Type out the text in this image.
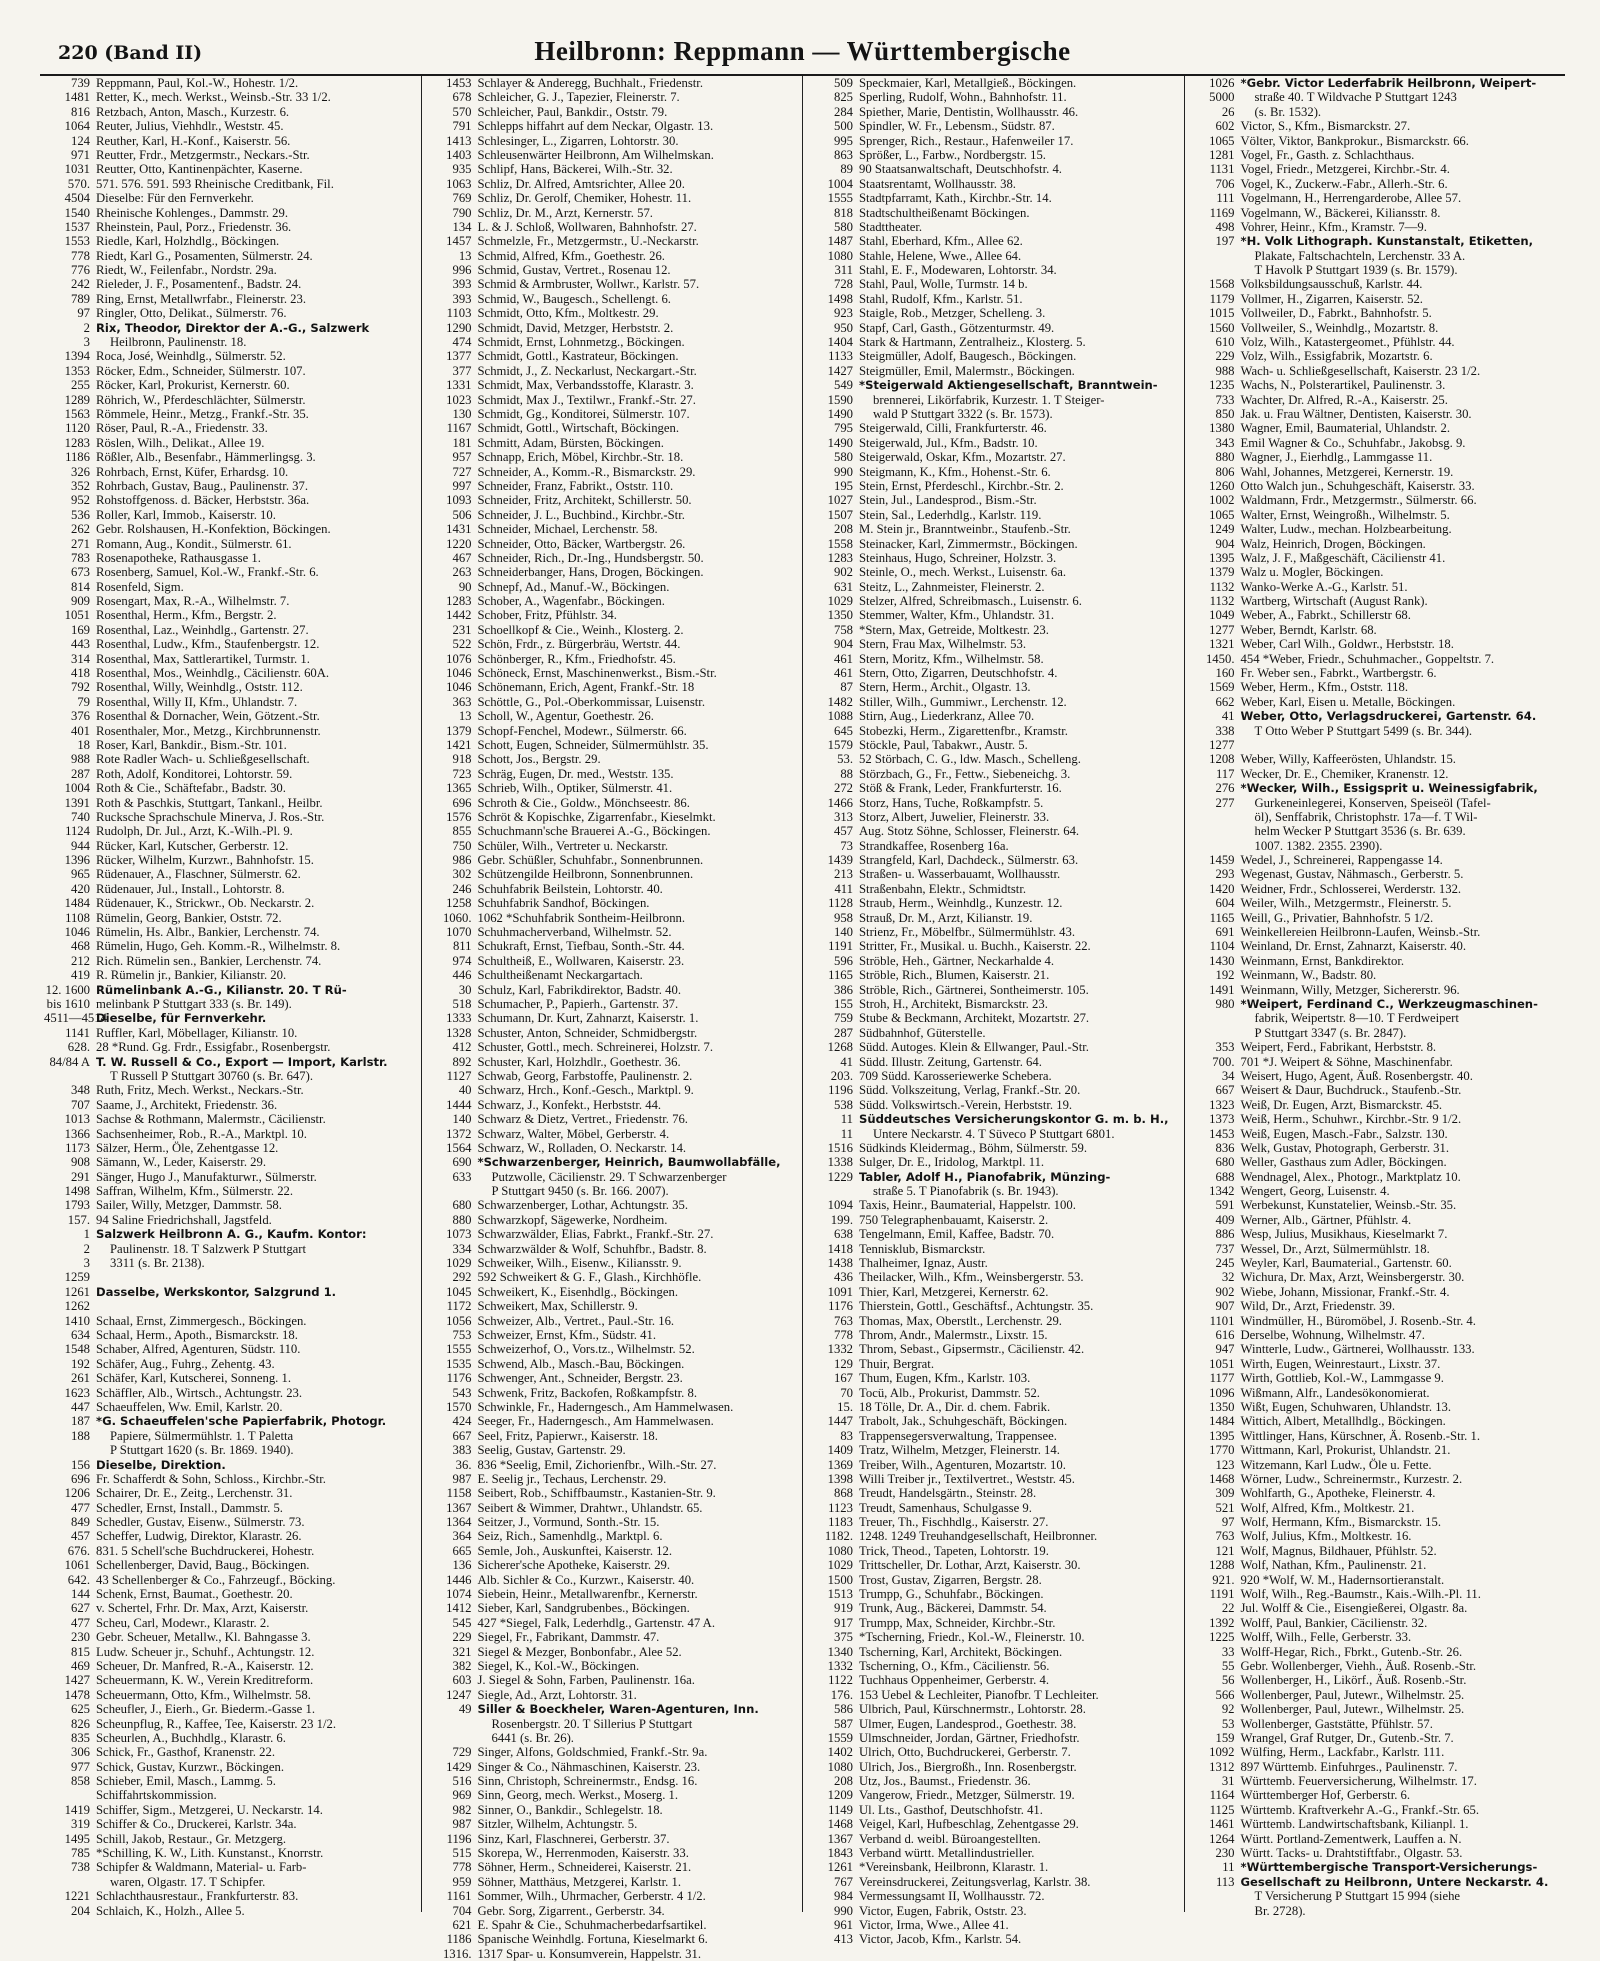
220 (Band II)	Heilbronn: Reppmann — Württembergische
739 Reppmann, Paul, Kol.-W., Hohestr. 1/2.
1481 Retter, K., mech. Werkst., Weinsb.-Str. 33 1/2.
816 Retzbach, Anton, Masch., Kurzestr. 6.
1064 Reuter, Julius, Viehhdlr., Weststr. 45.
124 Reuther, Karl, H.-Konf., Kaiserstr. 56.
971 Reutter, Frdr., Metzgermstr., Neckars.-Str.
1031 Reutter, Otto, Kantinenpächter, Kaserne.
570. 571. 576. 591. 593 Rheinische Creditbank, Fil.
4504 Dieselbe: Für den Fernverkehr.
1540 Rheinische Kohlenges., Dammstr. 29.
1537 Rheinstein, Paul, Porz., Friedenstr. 36.
1553 Riedle, Karl, Holzhdlg., Böckingen.
778 Riedt, Karl G., Posamenten, Sülmerstr. 24.
776 Riedt, W., Feilenfabr., Nordstr. 29a.
242 Rieleder, J. F., Posamentenf., Badstr. 24.
789 Ring, Ernst, Metallwrfabr., Fleinerstr. 23.
97 Ringler, Otto, Delikat., Sülmerstr. 76.
2 Rix, Theodor, Direktor der A.-G., Salzwerk
3	Heilbronn, Paulinenstr. 18.
1394 Roca, José, Weinhdlg., Sülmerstr. 52.
1353 Röcker, Edm., Schneider, Sülmerstr. 107.
255 Röcker, Karl, Prokurist, Kernerstr. 60.
1289 Röhrich, W., Pferdeschlächter, Sülmerstr.
1563 Römmele, Heinr., Metzg., Frankf.-Str. 35.
1120 Röser, Paul, R.-A., Friedenstr. 33.
1283 Röslen, Wilh., Delikat., Allee 19.
1186 Rößler, Alb., Besenfabr., Hämmerlingsg. 3.
326 Rohrbach, Ernst, Küfer, Erhardsg. 10.
352 Rohrbach, Gustav, Baug., Paulinenstr. 37.
952 Rohstoffgenoss. d. Bäcker, Herbststr. 36a.
536 Roller, Karl, Immob., Kaiserstr. 10.
262 Gebr. Rolshausen, H.-Konfektion, Böckingen.
271 Romann, Aug., Kondit., Sülmerstr. 61.
783 Rosenapotheke, Rathausgasse 1.
673 Rosenberg, Samuel, Kol.-W., Frankf.-Str. 6.
814 Rosenfeld, Sigm.
909 Rosengart, Max, R.-A., Wilhelmstr. 7.
1051 Rosenthal, Herm., Kfm., Bergstr. 2.
169 Rosenthal, Laz., Weinhdlg., Gartenstr. 27.
443 Rosenthal, Ludw., Kfm., Staufenbergstr. 12.
314 Rosenthal, Max, Sattlerartikel, Turmstr. 1.
418 Rosenthal, Mos., Weinhdlg., Cäcilienstr. 60A.
792 Rosenthal, Willy, Weinhdlg., Oststr. 112.
79 Rosenthal, Willy II, Kfm., Uhlandstr. 7.
376 Rosenthal & Dornacher, Wein, Götzent.-Str.
401 Rosenthaler, Mor., Metzg., Kirchbrunnenstr.
18 Roser, Karl, Bankdir., Bism.-Str. 101.
988 Rote Radler Wach- u. Schließgesellschaft.
287 Roth, Adolf, Konditorei, Lohtorstr. 59.
1004 Roth & Cie., Schäftefabr., Badstr. 30.
1391 Roth & Paschkis, Stuttgart, Tankanl., Heilbr.
740 Rucksche Sprachschule Minerva, J. Ros.-Str.
1124 Rudolph, Dr. Jul., Arzt, K.-Wilh.-Pl. 9.
944 Rücker, Karl, Kutscher, Gerberstr. 12.
1396 Rücker, Wilhelm, Kurzwr., Bahnhofstr. 15.
965 Rüdenauer, A., Flaschner, Sülmerstr. 62.
420 Rüdenauer, Jul., Install., Lohtorstr. 8.
1484 Rüdenauer, K., Strickwr., Ob. Neckarstr. 2.
1108 Rümelin, Georg, Bankier, Oststr. 72.
1046 Rümelin, Hs. Albr., Bankier, Lerchenstr. 74.
468 Rümelin, Hugo, Geh. Komm.-R., Wilhelmstr. 8.
212 Rich. Rümelin sen., Bankier, Lerchenstr. 74.
419 R. Rümelin jr., Bankier, Kilianstr. 20.
12. 1600 Rümelinbank A.-G., Kilianstr. 20. T Rü-
bis 1610 melinbank P Stuttgart 333 (s. Br. 149).
4511—4514
Dieselbe, für Fernverkehr.
1141 Ruffler, Karl, Möbellager, Kilianstr. 10.
628. 28 *Rund. Gg. Frdr., Essigfabr., Rosenbergstr.
84/84 A T. W. Russell & Co., Export — Import, Karlstr.
T Russell P Stuttgart 30760 (s. Br. 647).
348 Ruth, Fritz, Mech. Werkst., Neckars.-Str.
707 Saame, J., Architekt, Friedenstr. 36.
1013 Sachse & Rothmann, Malermstr., Cäcilienstr.
1366 Sachsenheimer, Rob., R.-A., Marktpl. 10.
1173 Sälzer, Herm., Öle, Zehentgasse 12.
908 Sämann, W., Leder, Kaiserstr. 29.
291 Sänger, Hugo J., Manufakturwr., Sülmerstr.
1498 Saffran, Wilhelm, Kfm., Sülmerstr. 22.
1793 Sailer, Willy, Metzger, Dammstr. 58.
157. 94 Saline Friedrichshall, Jagstfeld.
1 Salzwerk Heilbronn A. G., Kaufm. Kontor:
2	Paulinenstr. 18. T Salzwerk P Stuttgart
3	3311 (s. Br. 2138).
1259
1261 Dasselbe, Werkskontor, Salzgrund 1.
1262
1410 Schaal, Ernst, Zimmergesch., Böckingen.
634 Schaal, Herm., Apoth., Bismarckstr. 18.
1548 Schaber, Alfred, Agenturen, Südstr. 110.
192 Schäfer, Aug., Fuhrg., Zehentg. 43.
261 Schäfer, Karl, Kutscherei, Sonneng. 1.
1623 Schäffler, Alb., Wirtsch., Achtungstr. 23.
447 Schaeuffelen, Ww. Emil, Karlstr. 20.
187 *G. Schaeuffelen'sche Papierfabrik, Photogr.
188	Papiere, Sülmermühlstr. 1. T Paletta
P Stuttgart 1620 (s. Br. 1869. 1940).
156 Dieselbe, Direktion.
696 Fr. Schafferdt & Sohn, Schloss., Kirchbr.-Str.
1206 Schairer, Dr. E., Zeitg., Lerchenstr. 31.
477 Schedler, Ernst, Install., Dammstr. 5.
849 Schedler, Gustav, Eisenw., Sülmerstr. 73.
457 Scheffer, Ludwig, Direktor, Klarastr. 26.
676. 831. 5 Schell'sche Buchdruckerei, Hohestr.
1061 Schellenberger, David, Baug., Böckingen.
642. 43 Schellenberger & Co., Fahrzeugf., Böcking.
144 Schenk, Ernst, Baumat., Goethestr. 20.
627 v. Schertel, Frhr. Dr. Max, Arzt, Kaiserstr.
477 Scheu, Carl, Modewr., Klarastr. 2.
230 Gebr. Scheuer, Metallw., Kl. Bahngasse 3.
815 Ludw. Scheuer jr., Schuhf., Achtungstr. 12.
469 Scheuer, Dr. Manfred, R.-A., Kaiserstr. 12.
1427 Scheuermann, K. W., Verein Kreditreform.
1478 Scheuermann, Otto, Kfm., Wilhelmstr. 58.
625 Scheufler, J., Eierh., Gr. Biederm.-Gasse 1.
826 Scheunpflug, R., Kaffee, Tee, Kaiserstr. 23 1/2.
835 Scheurlen, A., Buchhdlg., Klarastr. 6.
306 Schick, Fr., Gasthof, Kranenstr. 22.
977 Schick, Gustav, Kurzwr., Böckingen.
858 Schieber, Emil, Masch., Lammg. 5.
Schiffahrtskommission.
1419 Schiffer, Sigm., Metzgerei, U. Neckarstr. 14.
319 Schiffer & Co., Druckerei, Karlstr. 34a.
1495 Schill, Jakob, Restaur., Gr. Metzgerg.
785 *Schilling, K. W., Lith. Kunstanst., Knorrstr.
738 Schipfer & Waldmann, Material- u. Farb-
waren, Olgastr. 17. T Schipfer.
1221 Schlachthausrestaur., Frankfurterstr. 83.
204 Schlaich, K., Holzh., Allee 5.
1453 Schlayer & Anderegg, Buchhalt., Friedenstr.
678 Schleicher, G. J., Tapezier, Fleinerstr. 7.
570 Schleicher, Paul, Bankdir., Oststr. 79.
791 Schlepps hiffahrt auf dem Neckar, Olgastr. 13.
1413 Schlesinger, L., Zigarren, Lohtorstr. 30.
1403 Schleusenwärter Heilbronn, Am Wilhelmskan.
935 Schlipf, Hans, Bäckerei, Wilh.-Str. 32.
1063 Schliz, Dr. Alfred, Amtsrichter, Allee 20.
769 Schliz, Dr. Gerolf, Chemiker, Hohestr. 11.
790 Schliz, Dr. M., Arzt, Kernerstr. 57.
134 L. & J. Schloß, Wollwaren, Bahnhofstr. 27.
1457 Schmelzle, Fr., Metzgermstr., U.-Neckarstr.
13 Schmid, Alfred, Kfm., Goethestr. 26.
996 Schmid, Gustav, Vertret., Rosenau 12.
393 Schmid & Armbruster, Wollwr., Karlstr. 57.
393 Schmid, W., Baugesch., Schellengt. 6.
1103 Schmidt, Otto, Kfm., Moltkestr. 29.
1290 Schmidt, David, Metzger, Herbststr. 2.
474 Schmidt, Ernst, Lohnmetzg., Böckingen.
1377 Schmidt, Gottl., Kastrateur, Böckingen.
377 Schmidt, J., Z. Neckarlust, Neckargart.-Str.
1331 Schmidt, Max, Verbandsstoffe, Klarastr. 3.
1023 Schmidt, Max J., Textilwr., Frankf.-Str. 27.
130 Schmidt, Gg., Konditorei, Sülmerstr. 107.
1167 Schmidt, Gottl., Wirtschaft, Böckingen.
181 Schmitt, Adam, Bürsten, Böckingen.
957 Schnapp, Erich, Möbel, Kirchbr.-Str. 18.
727 Schneider, A., Komm.-R., Bismarckstr. 29.
997 Schneider, Franz, Fabrikt., Oststr. 110.
1093 Schneider, Fritz, Architekt, Schillerstr. 50.
506 Schneider, J. L., Buchbind., Kirchbr.-Str.
1431 Schneider, Michael, Lerchenstr. 58.
1220 Schneider, Otto, Bäcker, Wartbergstr. 26.
467 Schneider, Rich., Dr.-Ing., Hundsbergstr. 50.
263 Schneiderbanger, Hans, Drogen, Böckingen.
90 Schnepf, Ad., Manuf.-W., Böckingen.
1283 Schober, A., Wagenfabr., Böckingen.
1442 Schober, Fritz, Pfühlstr. 34.
231 Schoellkopf & Cie., Weinh., Klosterg. 2.
522 Schön, Frdr., z. Bürgerbräu, Wertstr. 44.
1076 Schönberger, R., Kfm., Friedhofstr. 45.
1046 Schöneck, Ernst, Maschinenwerkst., Bism.-Str.
1046 Schönemann, Erich, Agent, Frankf.-Str. 18
363 Schöttle, G., Pol.-Oberkommissar, Luisenstr.
13 Scholl, W., Agentur, Goethestr. 26.
1379 Schopf-Fenchel, Modewr., Sülmerstr. 66.
1421 Schott, Eugen, Schneider, Sülmermühlstr. 35.
918 Schott, Jos., Bergstr. 29.
723 Schräg, Eugen, Dr. med., Weststr. 135.
1365 Schrieb, Wilh., Optiker, Sülmerstr. 41.
696 Schroth & Cie., Goldw., Mönchseestr. 86.
1576 Schröt & Kopischke, Zigarrenfabr., Kieselmkt.
855 Schuchmann'sche Brauerei A.-G., Böckingen.
750 Schüler, Wilh., Vertreter u. Neckarstr.
986 Gebr. Schüßler, Schuhfabr., Sonnenbrunnen.
302 Schützengilde Heilbronn, Sonnenbrunnen.
246 Schuhfabrik Beilstein, Lohtorstr. 40.
1258 Schuhfabrik Sandhof, Böckingen.
1060. 1062 *Schuhfabrik Sontheim-Heilbronn.
1070 Schuhmacherverband, Wilhelmstr. 52.
811 Schukraft, Ernst, Tiefbau, Sonth.-Str. 44.
974 Schultheiß, E., Wollwaren, Kaiserstr. 23.
446 Schultheißenamt Neckargartach.
30 Schulz, Karl, Fabrikdirektor, Badstr. 40.
518 Schumacher, P., Papierh., Gartenstr. 37.
1333 Schumann, Dr. Kurt, Zahnarzt, Kaiserstr. 1.
1328 Schuster, Anton, Schneider, Schmidbergstr.
412 Schuster, Gottl., mech. Schreinerei, Holzstr. 7.
892 Schuster, Karl, Holzhdlr., Goethestr. 36.
1127 Schwab, Georg, Farbstoffe, Paulinenstr. 2.
40 Schwarz, Hrch., Konf.-Gesch., Marktpl. 9.
1444 Schwarz, J., Konfekt., Herbststr. 44.
140 Schwarz & Dietz, Vertret., Friedenstr. 76.
1372 Schwarz, Walter, Möbel, Gerberstr. 4.
1564 Schwarz, W., Rolladen, O. Neckarstr. 14.
690 *Schwarzenberger, Heinrich, Baumwollabfälle,
633	Putzwolle, Cäcilienstr. 29. T Schwarzenberger
P Stuttgart 9450 (s. Br. 166. 2007).
680 Schwarzenberger, Lothar, Achtungstr. 35.
880 Schwarzkopf, Sägewerke, Nordheim.
1073 Schwarzwälder, Elias, Fabrkt., Frankf.-Str. 27.
334 Schwarzwälder & Wolf, Schuhfbr., Badstr. 8.
1029 Schweiker, Wilh., Eisenw., Kiliansstr. 9.
292 592 Schweikert & G. F., Glash., Kirchhöfle.
1045 Schweikert, K., Eisenhdlg., Böckingen.
1172 Schweikert, Max, Schillerstr. 9.
1056 Schweizer, Alb., Vertret., Paul.-Str. 16.
753 Schweizer, Ernst, Kfm., Südstr. 41.
1555 Schweizerhof, O., Vors.tz., Wilhelmstr. 52.
1535 Schwend, Alb., Masch.-Bau, Böckingen.
1176 Schwenger, Ant., Schneider, Bergstr. 23.
543 Schwenk, Fritz, Backofen, Roßkampfstr. 8.
1570 Schwinkle, Fr., Haderngesch., Am Hammelwasen.
424 Seeger, Fr., Haderngesch., Am Hammelwasen.
667 Seel, Fritz, Papierwr., Kaiserstr. 18.
383 Seelig, Gustav, Gartenstr. 29.
36. 836 *Seelig, Emil, Zichorienfbr., Wilh.-Str. 27.
987 E. Seelig jr., Techaus, Lerchenstr. 29.
1158 Seibert, Rob., Schiffbaumstr., Kastanien-Str. 9.
1367 Seibert & Wimmer, Drahtwr., Uhlandstr. 65.
1364 Seitzer, J., Vormund, Sonth.-Str. 15.
364 Seiz, Rich., Samenhdlg., Marktpl. 6.
665 Semle, Joh., Auskunftei, Kaiserstr. 12.
136 Sicherer'sche Apotheke, Kaiserstr. 29.
1446 Alb. Sichler & Co., Kurzwr., Kaiserstr. 40.
1074 Siebein, Heinr., Metallwarenfbr., Kernerstr.
1412 Sieber, Karl, Sandgrubenbes., Böckingen.
545 427 *Siegel, Falk, Lederhdlg., Gartenstr. 47 A.
229 Siegel, Fr., Fabrikant, Dammstr. 47.
321 Siegel & Mezger, Bonbonfabr., Alee 52.
382 Siegel, K., Kol.-W., Böckingen.
603 J. Siegel & Sohn, Farben, Paulinenstr. 16a.
1247 Siegle, Ad., Arzt, Lohtorstr. 31.
49 Siller & Boeckheler, Waren-Agenturen, Inn.
Rosenbergstr. 20. T Sillerius P Stuttgart
6441 (s. Br. 26).
729 Singer, Alfons, Goldschmied, Frankf.-Str. 9a.
1429 Singer & Co., Nähmaschinen, Kaiserstr. 23.
516 Sinn, Christoph, Schreinermstr., Endsg. 16.
969 Sinn, Georg, mech. Werkst., Moserg. 1.
982 Sinner, O., Bankdir., Schlegelstr. 18.
987 Sitzler, Wilhelm, Achtungstr. 5.
1196 Sinz, Karl, Flaschnerei, Gerberstr. 37.
515 Skorepa, W., Herrenmoden, Kaiserstr. 33.
778 Söhner, Herm., Schneiderei, Kaiserstr. 21.
959 Söhner, Matthäus, Metzgerei, Karlstr. 1.
1161 Sommer, Wilh., Uhrmacher, Gerberstr. 4 1/2.
704 Gebr. Sorg, Zigarrent., Gerberstr. 34.
621 E. Spahr & Cie., Schuhmacherbedarfsartikel.
1186 Spanische Weinhdlg. Fortuna, Kieselmarkt 6.
1316. 1317 Spar- u. Konsumverein, Happelstr. 31.
509 Speckmaier, Karl, Metallgieß., Böckingen.
825 Sperling, Rudolf, Wohn., Bahnhofstr. 11.
284 Spiether, Marie, Dentistin, Wollhausstr. 46.
500 Spindler, W. Fr., Lebensm., Südstr. 87.
995 Sprenger, Rich., Restaur., Hafenweiler 17.
863 Sprößer, L., Farbw., Nordbergstr. 15.
89 90 Staatsanwaltschaft, Deutschhofstr. 4.
1004 Staatsrentamt, Wollhausstr. 38.
1555 Stadtpfarramt, Kath., Kirchbr.-Str. 14.
818 Stadtschultheißenamt Böckingen.
580 Stadttheater.
1487 Stahl, Eberhard, Kfm., Allee 62.
1080 Stahle, Helene, Wwe., Allee 64.
311 Stahl, E. F., Modewaren, Lohtorstr. 34.
728 Stahl, Paul, Wolle, Turmstr. 14 b.
1498 Stahl, Rudolf, Kfm., Karlstr. 51.
923 Staigle, Rob., Metzger, Schelleng. 3.
950 Stapf, Carl, Gasth., Götzenturmstr. 49.
1404 Stark & Hartmann, Zentralheiz., Klosterg. 5.
1133 Steigmüller, Adolf, Baugesch., Böckingen.
1427 Steigmüller, Emil, Malermstr., Böckingen.
549 *Steigerwald Aktiengesellschaft, Branntwein-
1590	brennerei, Likörfabrik, Kurzestr. 1. T Steiger-
1490	wald P Stuttgart 3322 (s. Br. 1573).
795 Steigerwald, Cilli, Frankfurterstr. 46.
1490 Steigerwald, Jul., Kfm., Badstr. 10.
580 Steigerwald, Oskar, Kfm., Mozartstr. 27.
990 Steigmann, K., Kfm., Hohenst.-Str. 6.
195 Stein, Ernst, Pferdeschl., Kirchbr.-Str. 2.
1027 Stein, Jul., Landesprod., Bism.-Str.
1507 Stein, Sal., Lederhdlg., Karlstr. 119.
208 M. Stein jr., Branntweinbr., Staufenb.-Str.
1558 Steinacker, Karl, Zimmermstr., Böckingen.
1283 Steinhaus, Hugo, Schreiner, Holzstr. 3.
902 Steinle, O., mech. Werkst., Luisenstr. 6a.
631 Steitz, L., Zahnmeister, Fleinerstr. 2.
1029 Stelzer, Alfred, Schreibmasch., Luisenstr. 6.
1350 Stemmer, Walter, Kfm., Uhlandstr. 31.
758 *Stern, Max, Getreide, Moltkestr. 23.
904 Stern, Frau Max, Wilhelmstr. 53.
461 Stern, Moritz, Kfm., Wilhelmstr. 58.
461 Stern, Otto, Zigarren, Deutschhofstr. 4.
87 Stern, Herm., Archit., Olgastr. 13.
1482 Stiller, Wilh., Gummiwr., Lerchenstr. 12.
1088 Stirn, Aug., Liederkranz, Allee 70.
645 Stobezki, Herm., Zigarettenfbr., Kramstr.
1579 Stöckle, Paul, Tabakwr., Austr. 5.
53. 52 Störbach, C. G., ldw. Masch., Schelleng.
88 Störzbach, G., Fr., Fettw., Siebeneichg. 3.
272 Stöß & Frank, Leder, Frankfurterstr. 16.
1466 Storz, Hans, Tuche, Roßkampfstr. 5.
313 Storz, Albert, Juwelier, Fleinerstr. 33.
457 Aug. Stotz Söhne, Schlosser, Fleinerstr. 64.
73 Strandkaffee, Rosenberg 16a.
1439 Strangfeld, Karl, Dachdeck., Sülmerstr. 63.
213 Straßen- u. Wasserbauamt, Wollhausstr.
411 Straßenbahn, Elektr., Schmidtstr.
1128 Straub, Herm., Weinhdlg., Kunzestr. 12.
958 Strauß, Dr. M., Arzt, Kilianstr. 19.
140 Strienz, Fr., Möbelfbr., Sülmermühlstr. 43.
1191 Stritter, Fr., Musikal. u. Buchh., Kaiserstr. 22.
596 Ströble, Heh., Gärtner, Neckarhalde 4.
1165 Ströble, Rich., Blumen, Kaiserstr. 21.
386 Ströble, Rich., Gärtnerei, Sontheimerstr. 105.
155 Stroh, H., Architekt, Bismarckstr. 23.
759 Stube & Beckmann, Architekt, Mozartstr. 27.
287 Südbahnhof, Güterstelle.
1268 Südd. Autoges. Klein & Ellwanger, Paul.-Str.
41 Südd. Illustr. Zeitung, Gartenstr. 64.
203. 709 Südd. Karosseriewerke Schebera.
1196 Südd. Volkszeitung, Verlag, Frankf.-Str. 20.
538 Südd. Volkswirtsch.-Verein, Herbststr. 19.
11 Süddeutsches Versicherungskontor G. m. b. H.,
11	Untere Neckarstr. 4. T Süveco P Stuttgart 6801.
1516 Südkinds Kleidermag., Böhm, Sülmerstr. 59.
1338 Sulger, Dr. E., Iridolog, Marktpl. 11.
1229 Tabler, Adolf H., Pianofabrik, Münzing-
straße 5. T Pianofabrik (s. Br. 1943).
1094 Taxis, Heinr., Baumaterial, Happelstr. 100.
199. 750 Telegraphenbauamt, Kaiserstr. 2.
638 Tengelmann, Emil, Kaffee, Badstr. 70.
1418 Tennisklub, Bismarckstr.
1438 Thalheimer, Ignaz, Austr.
436 Theilacker, Wilh., Kfm., Weinsbergerstr. 53.
1091 Thier, Karl, Metzgerei, Kernerstr. 62.
1176 Thierstein, Gottl., Geschäftsf., Achtungstr. 35.
763 Thomas, Max, Oberstlt., Lerchenstr. 29.
778 Throm, Andr., Malermstr., Lixstr. 15.
1332 Throm, Sebast., Gipsermstr., Cäcilienstr. 42.
129 Thuir, Bergrat.
167 Thum, Eugen, Kfm., Karlstr. 103.
70 Tocü, Alb., Prokurist, Dammstr. 52.
15. 18 Tölle, Dr. A., Dir. d. chem. Fabrik.
1447 Trabolt, Jak., Schuhgeschäft, Böckingen.
83 Trappensegersverwaltung, Trappensee.
1409 Tratz, Wilhelm, Metzger, Fleinerstr. 14.
1369 Treiber, Wilh., Agenturen, Mozartstr. 10.
1398 Willi Treiber jr., Textilvertret., Weststr. 45.
868 Treudt, Handelsgärtn., Steinstr. 28.
1123 Treudt, Samenhaus, Schulgasse 9.
1183 Treuer, Th., Fischhdlg., Kaiserstr. 27.
1182. 1248. 1249 Treuhandgesellschaft, Heilbronner.
1080 Trick, Theod., Tapeten, Lohtorstr. 19.
1029 Trittscheller, Dr. Lothar, Arzt, Kaiserstr. 30.
1500 Trost, Gustav, Zigarren, Bergstr. 28.
1513 Trumpp, G., Schuhfabr., Böckingen.
919 Trunk, Aug., Bäckerei, Dammstr. 54.
917 Trumpp, Max, Schneider, Kirchbr.-Str.
375 *Tscherning, Friedr., Kol.-W., Fleinerstr. 10.
1340 Tscherning, Karl, Architekt, Böckingen.
1332 Tscherning, O., Kfm., Cäcilienstr. 56.
1122 Tuchhaus Oppenheimer, Gerberstr. 4.
176. 153 Uebel & Lechleiter, Pianofbr. T Lechleiter.
586 Ulbrich, Paul, Kürschnermstr., Lohtorstr. 28.
587 Ulmer, Eugen, Landesprod., Goethestr. 38.
1559 Ulmschneider, Jordan, Gärtner, Friedhofstr.
1402 Ulrich, Otto, Buchdruckerei, Gerberstr. 7.
1080 Ulrich, Jos., Biergroßh., Inn. Rosenbergstr.
208 Utz, Jos., Baumst., Friedenstr. 36.
1209 Vangerow, Friedr., Metzger, Sülmerstr. 19.
1149 Ul. Lts., Gasthof, Deutschhofstr. 41.
1468 Veigel, Karl, Hufbeschlag, Zehentgasse 29.
1367 Verband d. weibl. Büroangestellten.
1843 Verband württ. Metallindustrieller.
1261 *Vereinsbank, Heilbronn, Klarastr. 1.
767 Vereinsdruckerei, Zeitungsverlag, Karlstr. 38.
984 Vermessungsamt II, Wollhausstr. 72.
990 Victor, Eugen, Fabrik, Oststr. 23.
961 Victor, Irma, Wwe., Allee 41.
413 Victor, Jacob, Kfm., Karlstr. 54.
1026 *Gebr. Victor Lederfabrik Heilbronn, Weipert-
5000	straße 40. T Wildvache P Stuttgart 1243
26	(s. Br. 1532).
602 Victor, S., Kfm., Bismarckstr. 27.
1065 Völter, Viktor, Bankprokur., Bismarckstr. 66.
1281 Vogel, Fr., Gasth. z. Schlachthaus.
1131 Vogel, Friedr., Metzgerei, Kirchbr.-Str. 4.
706 Vogel, K., Zuckerw.-Fabr., Allerh.-Str. 6.
111 Vogelmann, H., Herrengarderobe, Allee 57.
1169 Vogelmann, W., Bäckerei, Kiliansstr. 8.
498 Vohrer, Heinr., Kfm., Kramstr. 7—9.
197 *H. Volk Lithograph. Kunstanstalt, Etiketten,
Plakate, Faltschachteln, Lerchenstr. 33 A.
T Havolk P Stuttgart 1939 (s. Br. 1579).
1568 Volksbildungsausschuß, Karlstr. 44.
1179 Vollmer, H., Zigarren, Kaiserstr. 52.
1015 Vollweiler, D., Fabrkt., Bahnhofstr. 5.
1560 Vollweiler, S., Weinhdlg., Mozartstr. 8.
610 Volz, Wilh., Katastergeomet., Pfühlstr. 44.
229 Volz, Wilh., Essigfabrik, Mozartstr. 6.
988 Wach- u. Schließgesellschaft, Kaiserstr. 23 1/2.
1235 Wachs, N., Polsterartikel, Paulinenstr. 3.
733 Wachter, Dr. Alfred, R.-A., Kaiserstr. 25.
850 Jak. u. Frau Wältner, Dentisten, Kaiserstr. 30.
1380 Wagner, Emil, Baumaterial, Uhlandstr. 2.
343 Emil Wagner & Co., Schuhfabr., Jakobsg. 9.
880 Wagner, J., Eierhdlg., Lammgasse 11.
806 Wahl, Johannes, Metzgerei, Kernerstr. 19.
1260 Otto Walch jun., Schuhgeschäft, Kaiserstr. 33.
1002 Waldmann, Frdr., Metzgermstr., Sülmerstr. 66.
1065 Walter, Ernst, Weingroßh., Wilhelmstr. 5.
1249 Walter, Ludw., mechan. Holzbearbeitung.
904 Walz, Heinrich, Drogen, Böckingen.
1395 Walz, J. F., Maßgeschäft, Cäcilienstr 41.
1379 Walz u. Mogler, Böckingen.
1132 Wanko-Werke A.-G., Karlstr. 51.
1132 Wartberg, Wirtschaft (August Rank).
1049 Weber, A., Fabrkt., Schillerstr 68.
1277 Weber, Berndt, Karlstr. 68.
1321 Weber, Carl Wilh., Goldwr., Herbststr. 18.
1450. 454 *Weber, Friedr., Schuhmacher., Goppeltstr. 7.
160 Fr. Weber sen., Fabrkt., Wartbergstr. 6.
1569 Weber, Herm., Kfm., Oststr. 118.
662 Weber, Karl, Eisen u. Metalle, Böckingen.
41 Weber, Otto, Verlagsdruckerei, Gartenstr. 64.
338	T Otto Weber P Stuttgart 5499 (s. Br. 344).
1277
1208 Weber, Willy, Kaffeerösten, Uhlandstr. 15.
117 Wecker, Dr. E., Chemiker, Kranenstr. 12.
276 *Wecker, Wilh., Essigsprit u. Weinessigfabrik,
277	Gurkeneinlegerei, Konserven, Speiseöl (Tafel-
öl), Senffabrik, Christophstr. 17a—f. T Wil-
helm Wecker P Stuttgart 3536 (s. Br. 639.
1007. 1382. 2355. 2390).
1459 Wedel, J., Schreinerei, Rappengasse 14.
293 Wegenast, Gustav, Nähmasch., Gerberstr. 5.
1420 Weidner, Frdr., Schlosserei, Werderstr. 132.
604 Weiler, Wilh., Metzgermstr., Fleinerstr. 5.
1165 Weill, G., Privatier, Bahnhofstr. 5 1/2.
691 Weinkellereien Heilbronn-Laufen, Weinsb.-Str.
1104 Weinland, Dr. Ernst, Zahnarzt, Kaiserstr. 40.
1430 Weinmann, Ernst, Bankdirektor.
192 Weinmann, W., Badstr. 80.
1491 Weinmann, Willy, Metzger, Sichererstr. 96.
980 *Weipert, Ferdinand C., Werkzeugmaschinen-
fabrik, Weipertstr. 8—10. T Ferdweipert
P Stuttgart 3347 (s. Br. 2847).
353 Weipert, Ferd., Fabrikant, Herbststr. 8.
700. 701 *J. Weipert & Söhne, Maschinenfabr.
34 Weisert, Hugo, Agent, Äuß. Rosenbergstr. 40.
667 Weisert & Daur, Buchdruck., Staufenb.-Str.
1323 Weiß, Dr. Eugen, Arzt, Bismarckstr. 45.
1373 Weiß, Herm., Schuhwr., Kirchbr.-Str. 9 1/2.
1453 Weiß, Eugen, Masch.-Fabr., Salzstr. 130.
836 Welk, Gustav, Photograph, Gerberstr. 31.
680 Weller, Gasthaus zum Adler, Böckingen.
688 Wendnagel, Alex., Photogr., Marktplatz 10.
1342 Wengert, Georg, Luisenstr. 4.
591 Werbekunst, Kunstatelier, Weinsb.-Str. 35.
409 Werner, Alb., Gärtner, Pfühlstr. 4.
886 Wesp, Julius, Musikhaus, Kieselmarkt 7.
737 Wessel, Dr., Arzt, Sülmermühlstr. 18.
245 Weyler, Karl, Baumaterial., Gartenstr. 60.
32 Wichura, Dr. Max, Arzt, Weinsbergerstr. 30.
902 Wiebe, Johann, Missionar, Frankf.-Str. 4.
907 Wild, Dr., Arzt, Friedenstr. 39.
1101 Windmüller, H., Büromöbel, J. Rosenb.-Str. 4.
616 Derselbe, Wohnung, Wilhelmstr. 47.
947 Wintterle, Ludw., Gärtnerei, Wollhausstr. 133.
1051 Wirth, Eugen, Weinrestaurt., Lixstr. 37.
1177 Wirth, Gottlieb, Kol.-W., Lammgasse 9.
1096 Wißmann, Alfr., Landesökonomierat.
1350 Wißt, Eugen, Schuhwaren, Uhlandstr. 13.
1484 Wittich, Albert, Metallhdlg., Böckingen.
1395 Wittlinger, Hans, Kürschner, Ä. Rosenb.-Str. 1.
1770 Wittmann, Karl, Prokurist, Uhlandstr. 21.
123 Witzemann, Karl Ludw., Öle u. Fette.
1468 Wörner, Ludw., Schreinermstr., Kurzestr. 2.
309 Wohlfarth, G., Apotheke, Fleinerstr. 4.
521 Wolf, Alfred, Kfm., Moltkestr. 21.
97 Wolf, Hermann, Kfm., Bismarckstr. 15.
763 Wolf, Julius, Kfm., Moltkestr. 16.
121 Wolf, Magnus, Bildhauer, Pfühlstr. 52.
1288 Wolf, Nathan, Kfm., Paulinenstr. 21.
921. 920 *Wolf, W. M., Hadernsortieranstalt.
1191 Wolf, Wilh., Reg.-Baumstr., Kais.-Wilh.-Pl. 11.
22 Jul. Wolff & Cie., Eisengießerei, Olgastr. 8a.
1392 Wolff, Paul, Bankier, Cäcilienstr. 32.
1225 Wolff, Wilh., Felle, Gerberstr. 33.
33 Wolff-Hegar, Rich., Fbrkt., Gutenb.-Str. 26.
55 Gebr. Wollenberger, Viehh., Äuß. Rosenb.-Str.
56 Wollenberger, H., Likörf., Äuß. Rosenb.-Str.
566 Wollenberger, Paul, Jutewr., Wilhelmstr. 25.
92 Wollenberger, Paul, Jutewr., Wilhelmstr. 25.
53 Wollenberger, Gaststätte, Pfühlstr. 57.
159 Wrangel, Graf Rutger, Dr., Gutenb.-Str. 7.
1092 Wülfing, Herm., Lackfabr., Karlstr. 111.
1312 897 Württemb. Einfuhrges., Paulinenstr. 7.
31 Württemb. Feuerversicherung, Wilhelmstr. 17.
1164 Württemberger Hof, Gerberstr. 6.
1125 Württemb. Kraftverkehr A.-G., Frankf.-Str. 65.
1461 Württemb. Landwirtschaftsbank, Kilianpl. 1.
1264 Württ. Portland-Zementwerk, Lauffen a. N.
230 Württ. Tacks- u. Drahtstiftfabr., Olgastr. 53.
11 *Württembergische Transport-Versicherungs-
113 Gesellschaft zu Heilbronn, Untere Neckarstr. 4.
T Versicherung P Stuttgart 15 994 (siehe
Br. 2728).
